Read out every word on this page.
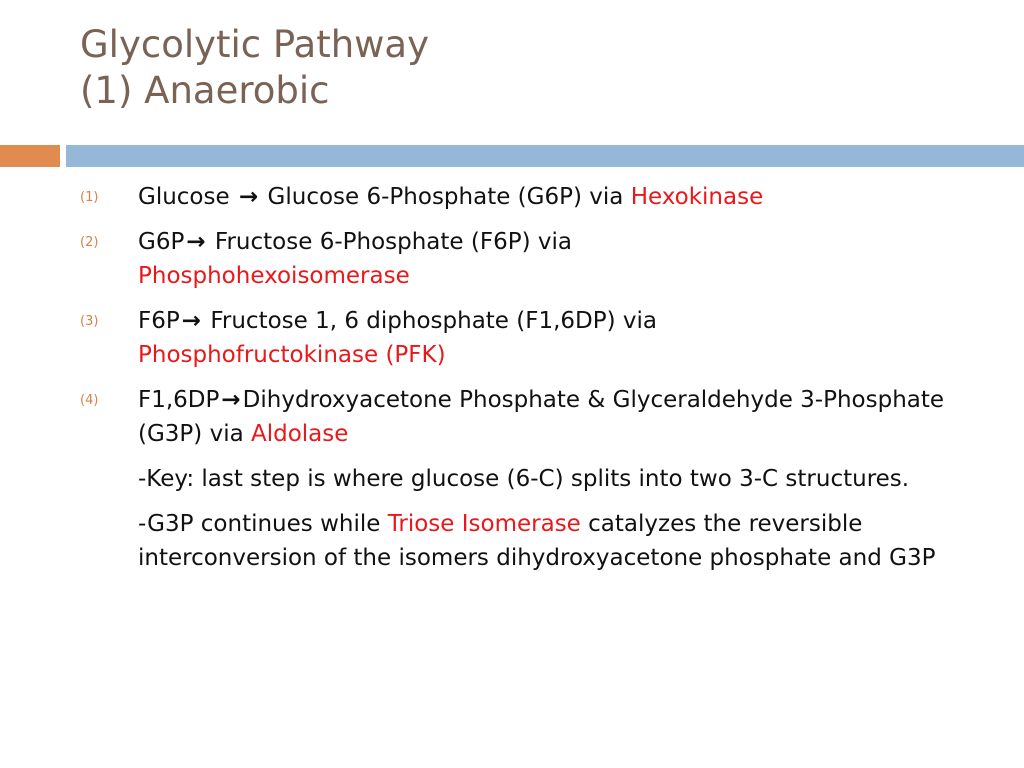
Glycolytic Pathway
(1) Anaerobic
(1) Glucose → Glucose 6-Phosphate (G6P) via Hexokinase
(2) G6P→ Fructose 6-Phosphate (F6P) via
Phosphohexoisomerase
(3) F6P→ Fructose 1, 6 diphosphate (F1,6DP) via
Phosphofructokinase (PFK)
(4) F1,6DP→Dihydroxyacetone Phosphate & Glyceraldehyde 3-Phosphate (G3P) via Aldolase
-Key: last step is where glucose (6-C) splits into two 3-C structures.
-G3P continues while Triose Isomerase catalyzes the reversible interconversion of the isomers dihydroxyacetone phosphate and G3P
